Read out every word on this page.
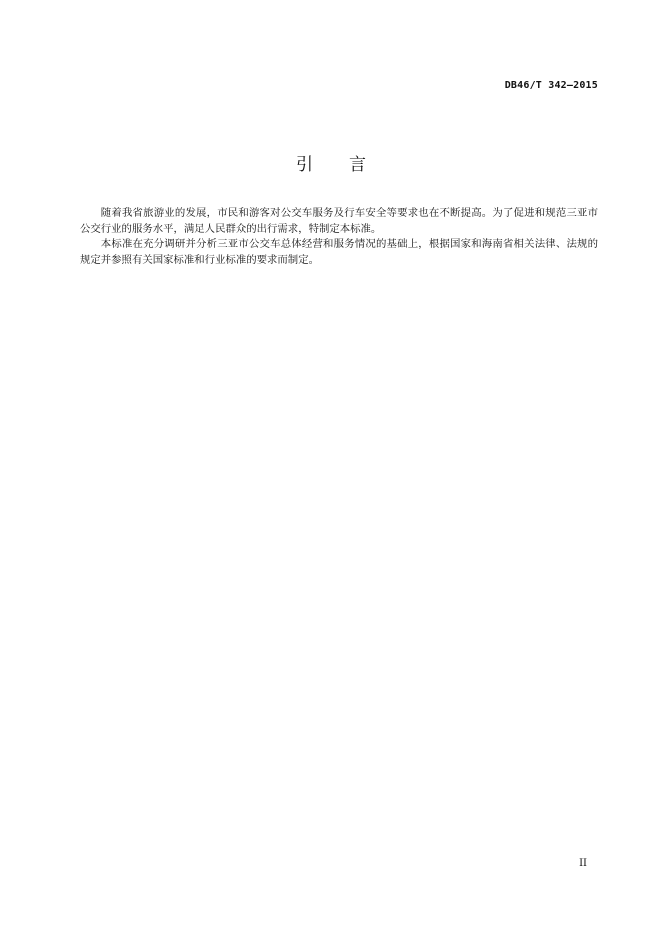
DB46/T 342—2015
引言

随着我省旅游业的发展，市民和游客对公交车服务及行车安全等要求也在不断提高。为了促进和规范三亚市公交行业的服务水平，满足人民群众的出行需求，特制定本标准。

本标准在充分调研并分析三亚市公交车总体经营和服务情况的基础上，根据国家和海南省相关法律、法规的规定并参照有关国家标准和行业标准的要求而制定。

II
